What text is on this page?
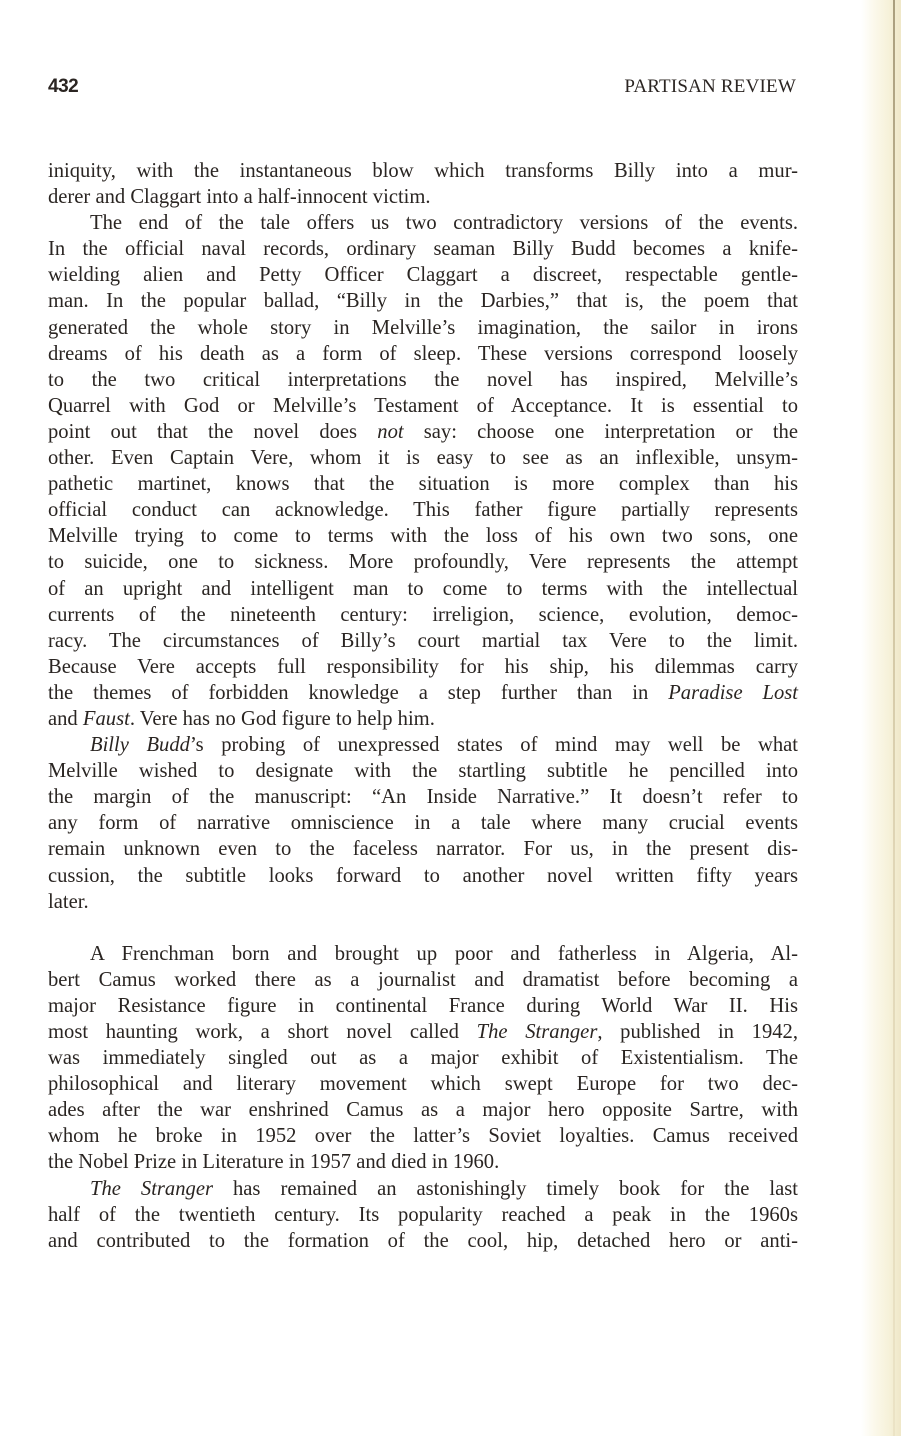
432	PARTISAN REVIEW

iniquity, with the instantaneous blow which transforms Billy into a mur-
derer and Claggart into a half-innocent victim.

The end of the tale offers us two contradictory versions of the events.
In the official naval records, ordinary seaman Billy Budd becomes a knife-
wielding alien and Petty Officer Claggart a discreet, respectable gentle-
man. In the popular ballad, “Billy in the Darbies,” that is, the poem that
generated the whole story in Melville’s imagination, the sailor in irons
dreams of his death as a form of sleep. These versions correspond loosely
to the two critical interpretations the novel has inspired, Melville’s
Quarrel with God or Melville’s Testament of Acceptance. It is essential to
point out that the novel does not say: choose one interpretation or the
other. Even Captain Vere, whom it is easy to see as an inflexible, unsym-
pathetic martinet, knows that the situation is more complex than his
official conduct can acknowledge. This father figure partially represents
Melville trying to come to terms with the loss of his own two sons, one
to suicide, one to sickness. More profoundly, Vere represents the attempt
of an upright and intelligent man to come to terms with the intellectual
currents of the nineteenth century: irreligion, science, evolution, democ-
racy. The circumstances of Billy’s court martial tax Vere to the limit.
Because Vere accepts full responsibility for his ship, his dilemmas carry
the themes of forbidden knowledge a step further than in Paradise Lost
and Faust. Vere has no God figure to help him.

Billy Budd’s probing of unexpressed states of mind may well be what
Melville wished to designate with the startling subtitle he pencilled into
the margin of the manuscript: “An Inside Narrative.” It doesn’t refer to
any form of narrative omniscience in a tale where many crucial events
remain unknown even to the faceless narrator. For us, in the present dis-
cussion, the subtitle looks forward to another novel written fifty years
later.

A Frenchman born and brought up poor and fatherless in Algeria, Al-
bert Camus worked there as a journalist and dramatist before becoming a
major Resistance figure in continental France during World War II. His
most haunting work, a short novel called The Stranger, published in 1942,
was immediately singled out as a major exhibit of Existentialism. The
philosophical and literary movement which swept Europe for two dec-
ades after the war enshrined Camus as a major hero opposite Sartre, with
whom he broke in 1952 over the latter’s Soviet loyalties. Camus received
the Nobel Prize in Literature in 1957 and died in 1960.

The Stranger has remained an astonishingly timely book for the last
half of the twentieth century. Its popularity reached a peak in the 1960s
and contributed to the formation of the cool, hip, detached hero or anti-
